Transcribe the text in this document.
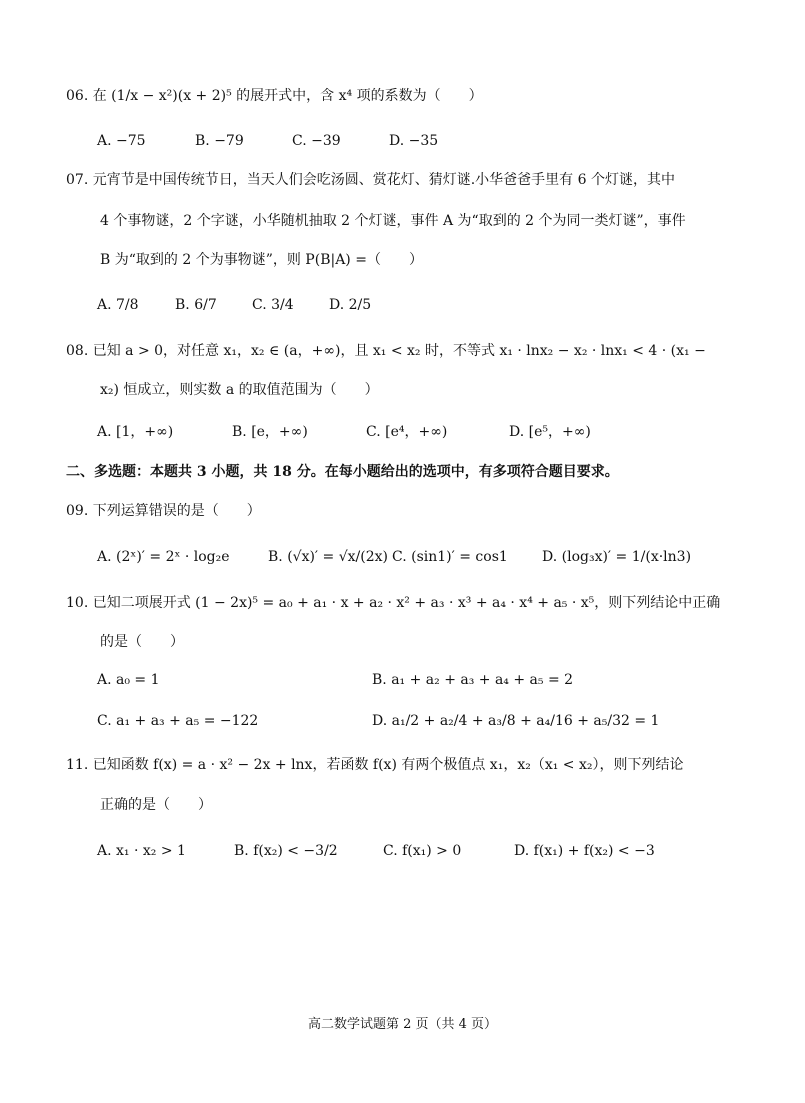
06. 在 (1/x − x²)(x + 2)⁵ 的展开式中，含 x⁴ 项的系数为（　　）
A. −75	B. −79	C. −39	D. −35
07. 元宵节是中国传统节日，当天人们会吃汤圆、赏花灯、猜灯谜.小华爸爸手里有 6 个灯谜，其中
4 个事物谜，2 个字谜，小华随机抽取 2 个灯谜，事件 A 为“取到的 2 个为同一类灯谜”，事件
B 为“取到的 2 个为事物谜”，则 P(B|A) =（　　）
A. 7/8	B. 6/7	C. 3/4	D. 2/5
08. 已知 a > 0，对任意 x₁，x₂ ∈ (a，+∞)，且 x₁ < x₂ 时，不等式 x₁ · lnx₂ − x₂ · lnx₁ < 4 · (x₁ −
x₂) 恒成立，则实数 a 的取值范围为（　　）
A. [1，+∞)	B. [e，+∞)	C. [e⁴，+∞)	D. [e⁵，+∞)
二、多选题：本题共 3 小题，共 18 分。在每小题给出的选项中，有多项符合题目要求。
09. 下列运算错误的是（　　）
A. (2ˣ)′ = 2ˣ · log₂e	B. (√x)′ = √x/(2x) C. (sin1)′ = cos1 D. (log₃x)′ = 1/(x·ln3)
10. 已知二项展开式 (1 − 2x)⁵ = a₀ + a₁ · x + a₂ · x² + a₃ · x³ + a₄ · x⁴ + a₅ · x⁵，则下列结论中正确
的是（　　）
A. a₀ = 1	B. a₁ + a₂ + a₃ + a₄ + a₅ = 2
C. a₁ + a₃ + a₅ = −122	D. a₁/2 + a₂/4 + a₃/8 + a₄/16 + a₅/32 = 1
11. 已知函数 f(x) = a · x² − 2x + lnx，若函数 f(x) 有两个极值点 x₁，x₂（x₁ < x₂），则下列结论
正确的是（　　）
A. x₁ · x₂ > 1	B. f(x₂) < −3/2	C. f(x₁) > 0	D. f(x₁) + f(x₂) < −3
高二数学试题第 2 页（共 4 页）
